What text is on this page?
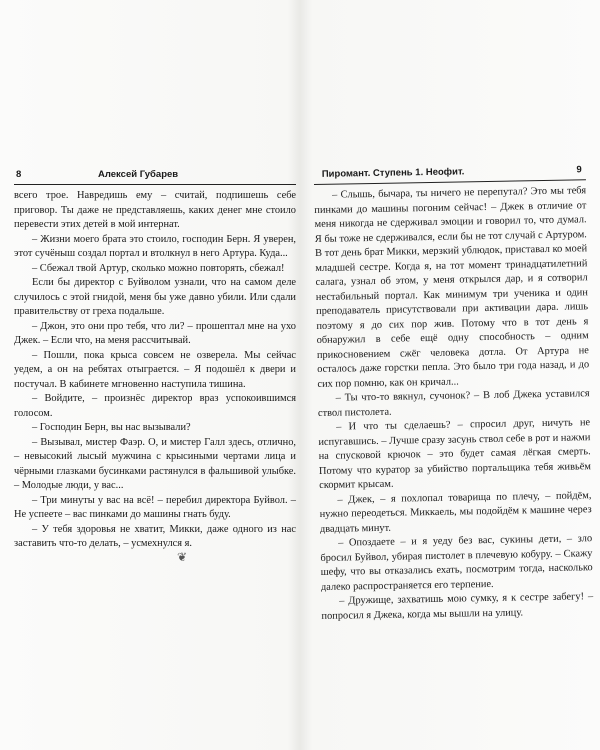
8	Алексей Губарев
всего трое. Навредишь ему – считай, подпишешь себе приговор. Ты даже не представляешь, каких денег мне стоило перевести этих детей в мой интернат.
– Жизни моего брата это стоило, господин Берн. Я уверен, этот сучёныш создал портал и втолкнул в него Артура. Куда...
– Сбежал твой Артур, сколько можно повторять, сбежал!
Если бы директор с Буйволом узнали, что на самом деле случилось с этой гнидой, меня бы уже давно убили. Или сдали правительству от греха подальше.
– Джон, это они про тебя, что ли? – прошептал мне на ухо Джек. – Если что, на меня рассчитывай.
– Пошли, пока крыса совсем не озверела. Мы сейчас уедем, а он на ребятах отыграется. – Я подошёл к двери и постучал. В кабинете мгновенно наступила тишина.
– Войдите, – произнёс директор враз успокоившимся голосом.
– Господин Берн, вы нас вызывали?
– Вызывал, мистер Фаэр. О, и мистер Галл здесь, отлично, – невысокий лысый мужчина с крысиными чертами лица и чёрными глазками бусинками растянулся в фальшивой улыбке. – Молодые люди, у вас...
– Три минуты у вас на всё! – перебил директора Буйвол. – Не успеете – вас пинками до машины гнать буду.
– У тебя здоровья не хватит, Микки, даже одного из нас заставить что-то делать, – усмехнулся я.
❦
Пиромант. Ступень 1. Неофит.	9
– Слышь, бычара, ты ничего не перепутал? Это мы тебя пинками до машины погоним сейчас! – Джек в отличие от меня никогда не сдерживал эмоции и говорил то, что думал. Я бы тоже не сдерживался, если бы не тот случай с Артуром. В тот день брат Микки, мерзкий ублюдок, приставал ко моей младшей сестре. Когда я, на тот момент тринадцатилетний салага, узнал об этом, у меня открылся дар, и я сотворил нестабильный портал. Как минимум три ученика и один преподаватель присутствовали при активации дара. лишь поэтому я до сих пор жив. Потому что в тот день я обнаружил в себе ещё одну способность – одним прикосновением сжёг человека дотла. От Артура не осталось даже горстки пепла. Это было три года назад, и до сих пор помню, как он кричал...
– Ты что-то вякнул, сучонок? – В лоб Джека уставился ствол пистолета.
– И что ты сделаешь? – спросил друг, ничуть не испугавшись. – Лучше сразу засунь ствол себе в рот и нажми на спусковой крючок – это будет самая лёгкая смерть. Потому что куратор за убийство портальщика тебя живьём скормит крысам.
– Джек, – я похлопал товарища по плечу, – пойдём, нужно переодеться. Миккаель, мы подойдём к машине через двадцать минут.
– Опоздаете – и я уеду без вас, сукины дети, – зло бросил Буйвол, убирая пистолет в плечевую кобуру. – Скажу шефу, что вы отказались ехать, посмотрим тогда, насколько далеко распространяется его терпение.
– Дружище, захватишь мою сумку, я к сестре забегу! – попросил я Джека, когда мы вышли на улицу.
